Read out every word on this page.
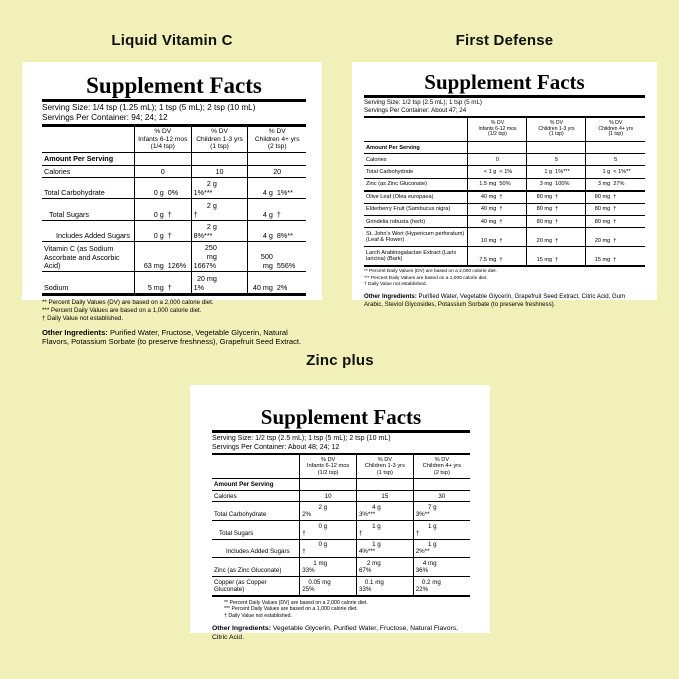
Liquid Vitamin C	First Defense
Zinc plus
Supplement Facts
Serving Size: 1/4 tsp (1.25 mL); 1 tsp (5 mL); 2 tsp (10 mL)
Servings Per Container: 94; 24; 12
	% DV
Infants 6-12 mos
(1/4 tsp)	% DV
Children 1-3 yrs
(1 tsp)	% DV
Children 4+ yrs
(2 tsp)
Amount Per Serving			
Calories	0	10	20
Total Carbohydrate	0 g 0%	2 g1%***	4 g 1%**
Total Sugars	0 g †	2 g†	4 g †
Includes Added Sugars	0 g †	2 g8%***	4 g 8%**
Vitamin C (as Sodium Ascorbate and Ascorbic Acid)	63 mg 126%	250 mg1667%	500 mg 556%
Sodium	5 mg †	20 mg1%	40 mg 2%
** Percent Daily Values (DV) are based on a 2,000 calorie diet.
*** Percent Daily Values are based on a 1,000 calorie diet.
† Daily Value not established.
Other Ingredients: Purified Water, Fructose, Vegetable Glycerin, Natural Flavors, Potassium Sorbate (to preserve freshness), Grapefruit Seed Extract.
Supplement Facts
Serving Size: 1/2 tsp (2.5 mL); 1 tsp (5 mL)
Servings Per Container: About 47; 24
	% DV
Infants 6-12 mos
(1/2 tsp)	% DV
Children 1-3 yrs
(1 tsp)	% DV
Children 4+ yrs
(1 tsp)
Amount Per Serving			
Calories	0	5	5
Total Carbohydrate	< 1 g < 1%	1 g 1%***	1 g < 1%**
Zinc (as Zinc Gluconate)	1.5 mg 50%	3 mg 100%	3 mg 27%
Olive Leaf (Olea europaea)	40 mg †	80 mg †	80 mg †
Elderberry Fruit (Sambucus nigra)	40 mg †	80 mg †	80 mg †
Grindelia robusta (herb)	40 mg †	80 mg †	80 mg †
St. John's Wort (Hypericum perforatum) (Leaf & Flower)	10 mg †	20 mg †	20 mg †
Larch Arabinogalactan Extract (Larix laricina) (Bark)	7.5 mg †	15 mg †	15 mg †
** Percent Daily Values (DV) are based on a 2,000 calorie diet.
*** Percent Daily Values are based on a 1,000 calorie diet.
† Daily Value not established.
Other Ingredients: Purified Water, Vegetable Glycerin, Grapefruit Seed Extract, Citric Acid, Gum Arabic, Steviol Glycosides, Potassium Sorbate (to preserve freshness).
Supplement Facts
Serving Size: 1/2 tsp (2.5 mL); 1 tsp (5 mL); 2 tsp (10 mL)
Servings Per Container: About 48; 24; 12
	% DV
Infants 6-12 mos
(1/2 tsp)	% DV
Children 1-3 yrs
(1 tsp)	% DV
Children 4+ yrs
(2 tsp)
Amount Per Serving			
Calories	10	15	30
Total Carbohydrate	2 g2%	4 g3%***	7 g3%**
Total Sugars	0 g†	1 g†	1 g†
Includes Added Sugars	0 g†	1 g4%***	1 g2%**
Zinc (as Zinc Gluconate)	1 mg33%	2 mg67%	4 mg36%
Copper (as Copper Gluconate)	0.05 mg25%	0.1 mg33%	0.2 mg22%
** Percent Daily Values (DV) are based on a 2,000 calorie diet.
*** Percent Daily Values are based on a 1,000 calorie diet.
† Daily Value not established.
Other Ingredients: Vegetable Glycerin, Purified Water, Fructose, Natural Flavors, Citric Acid.
